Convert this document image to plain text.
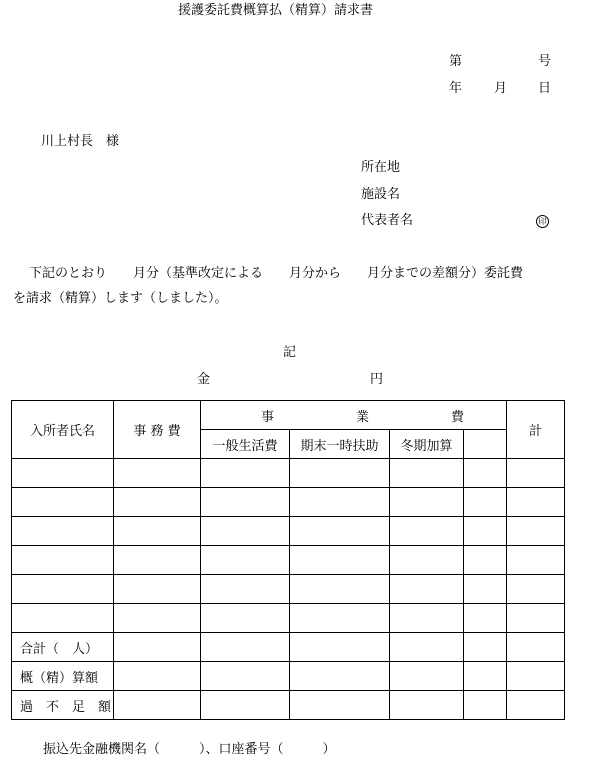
援護委託費概算払（精算）請求書
第	号
年 月 日
川上村長　様
所在地
施設名
代表者名	印
下記のとおり　　月分（基準改定による　　月分から　　月分までの差額分）委託費
を請求（精算）します（しました）。
記
金	円
入所者氏名	事 務 費	事 業 費				計
		一般生活費	期末一時扶助	冬期加算		

合計（　人）						
概（精）算額						
過　不　足　額						
振込先金融機関名（　　　）、口座番号（　　　）
